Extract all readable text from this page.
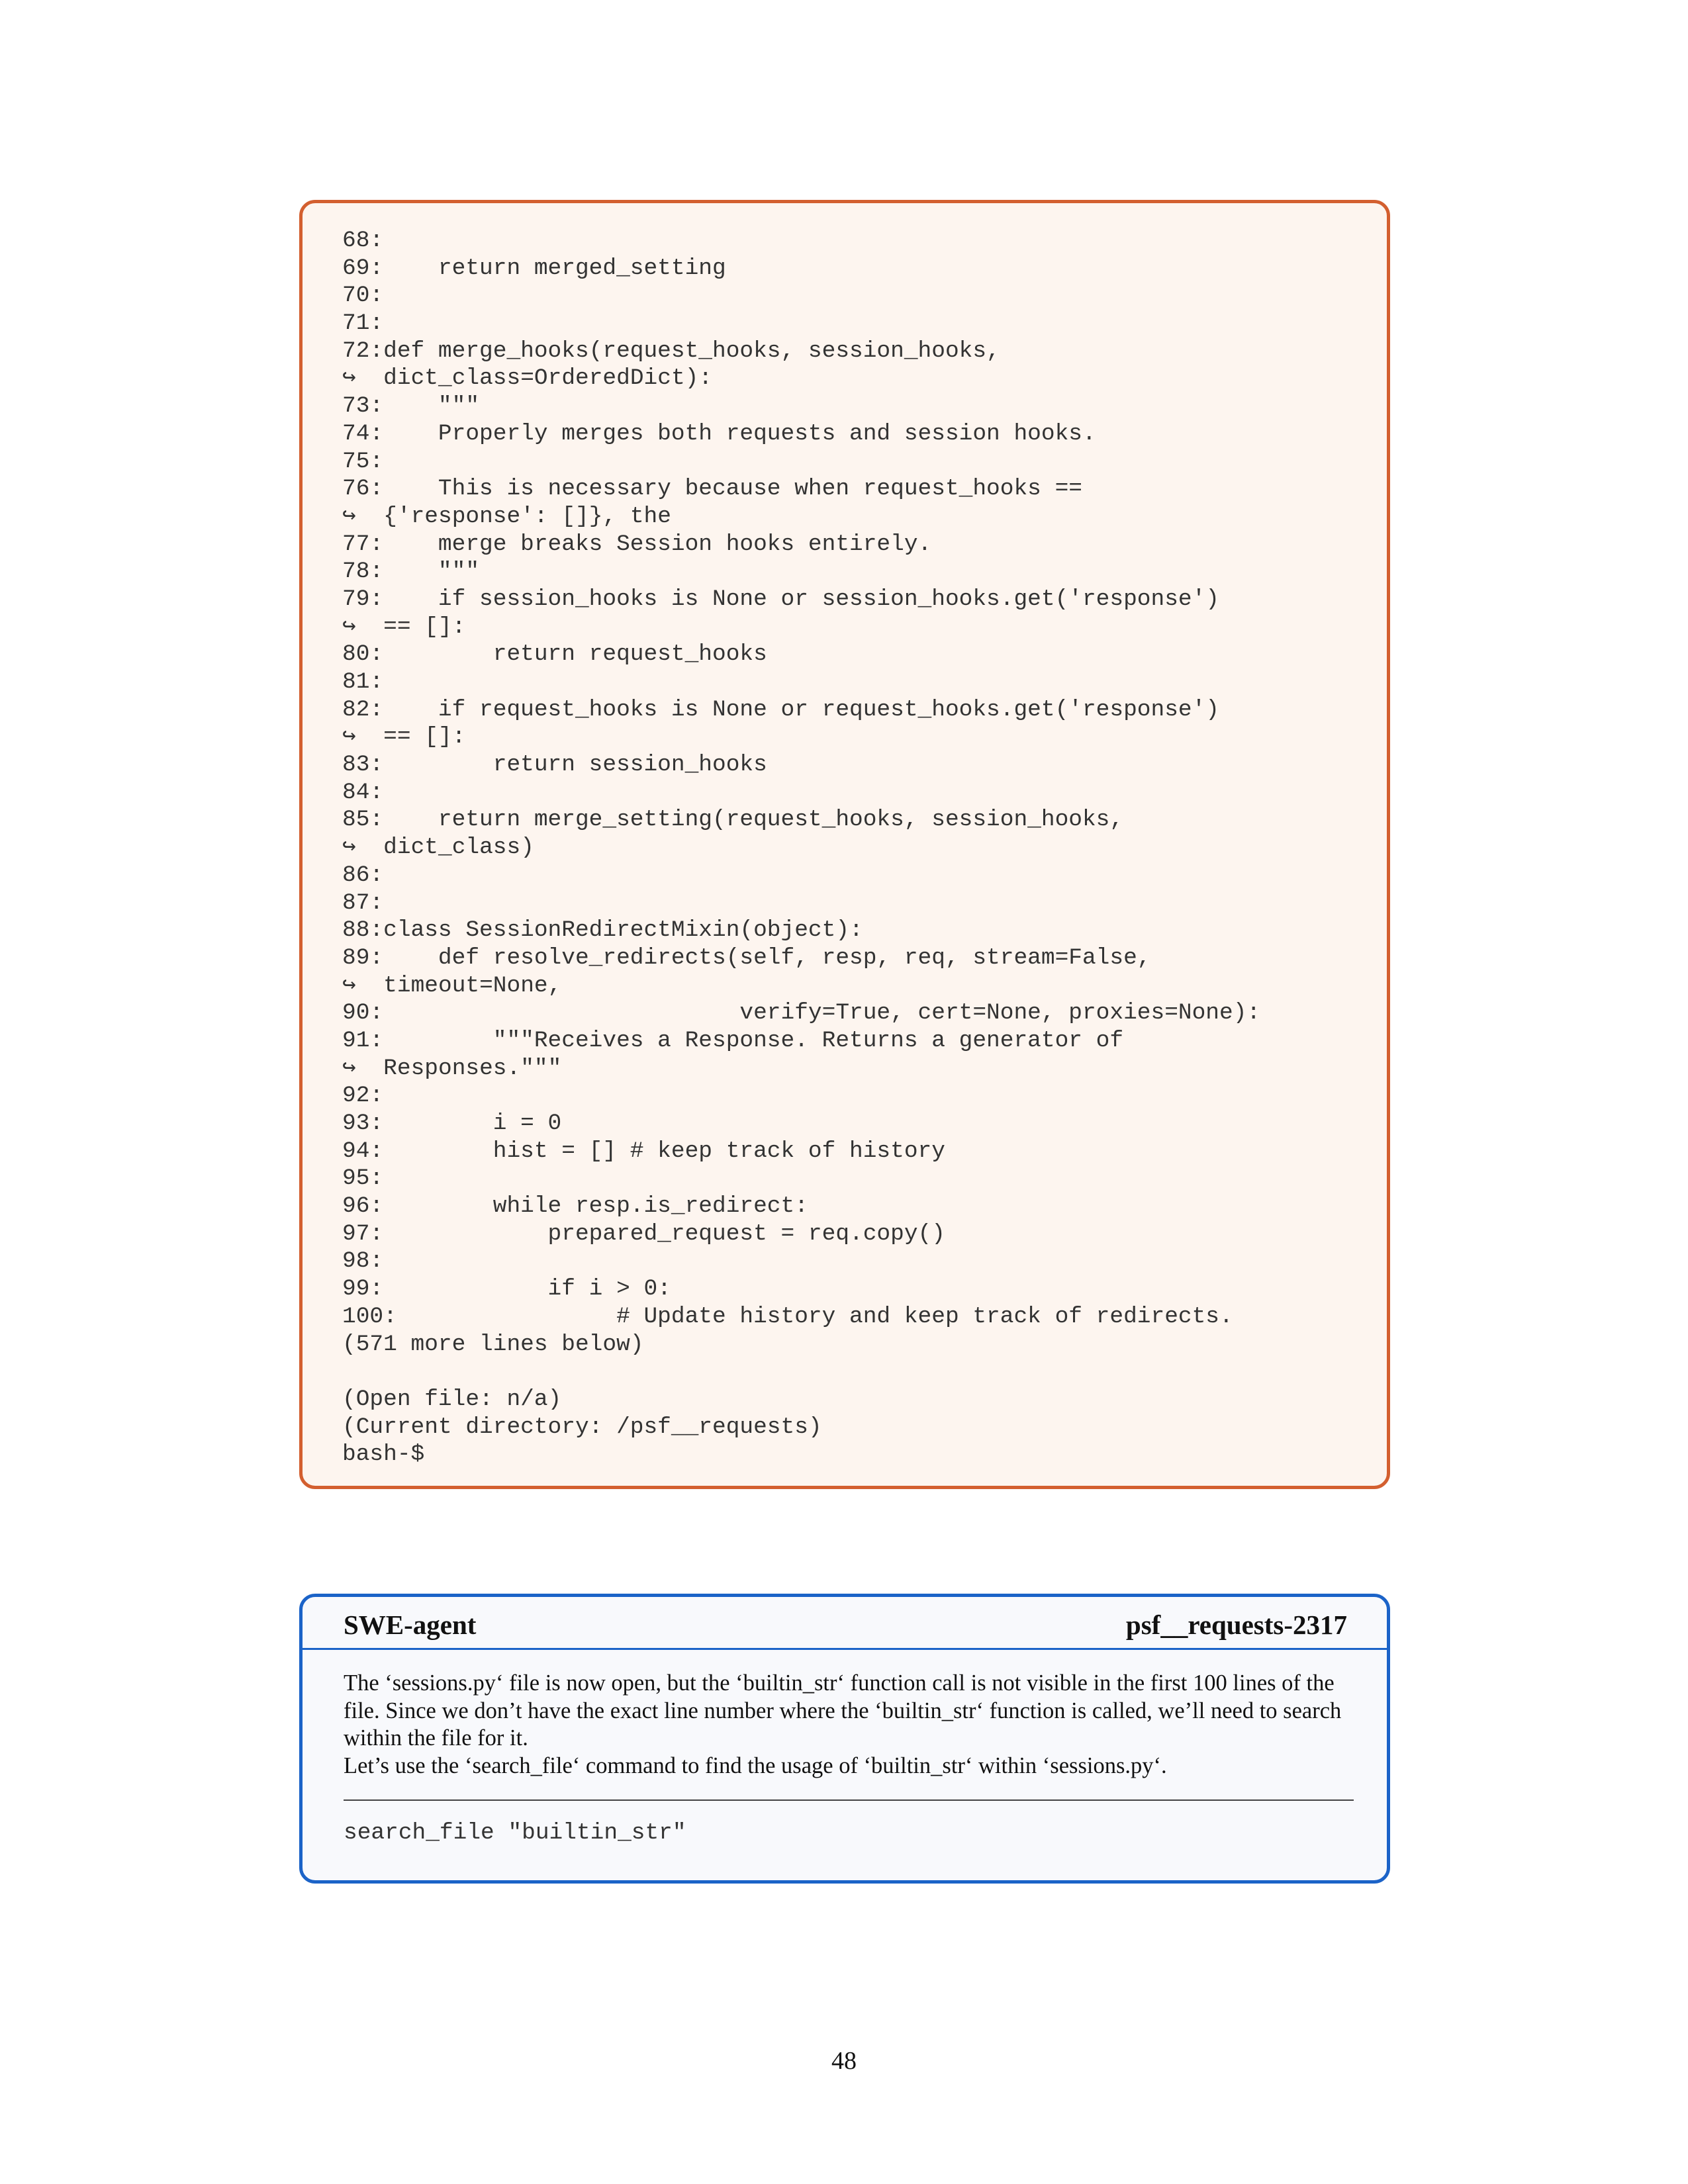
68:
69:    return merged_setting
70:
71:
72:def merge_hooks(request_hooks, session_hooks,
↪  dict_class=OrderedDict):
73:    """
74:    Properly merges both requests and session hooks.
75:
76:    This is necessary because when request_hooks ==
↪  {'response': []}, the
77:    merge breaks Session hooks entirely.
78:    """
79:    if session_hooks is None or session_hooks.get('response')
↪  == []:
80:        return request_hooks
81:
82:    if request_hooks is None or request_hooks.get('response')
↪  == []:
83:        return session_hooks
84:
85:    return merge_setting(request_hooks, session_hooks,
↪  dict_class)
86:
87:
88:class SessionRedirectMixin(object):
89:    def resolve_redirects(self, resp, req, stream=False,
↪  timeout=None,
90:                          verify=True, cert=None, proxies=None):
91:        """Receives a Response. Returns a generator of
↪  Responses."""
92:
93:        i = 0
94:        hist = [] # keep track of history
95:
96:        while resp.is_redirect:
97:            prepared_request = req.copy()
98:
99:            if i > 0:
100:                # Update history and keep track of redirects.
(571 more lines below)
(Open file: n/a)
(Current directory: /psf__requests)
bash-$
SWE-agent	psf__requests-2317

The ‘sessions.py‘ file is now open, but the ‘builtin_str‘ function call is not visible in the first 100 lines of the file. Since we don’t have the exact line number where the ‘builtin_str‘ function is called, we’ll need to search within the file for it.

Let’s use the ‘search_file‘ command to find the usage of ‘builtin_str‘ within ‘sessions.py‘.

search_file "builtin_str"
48
